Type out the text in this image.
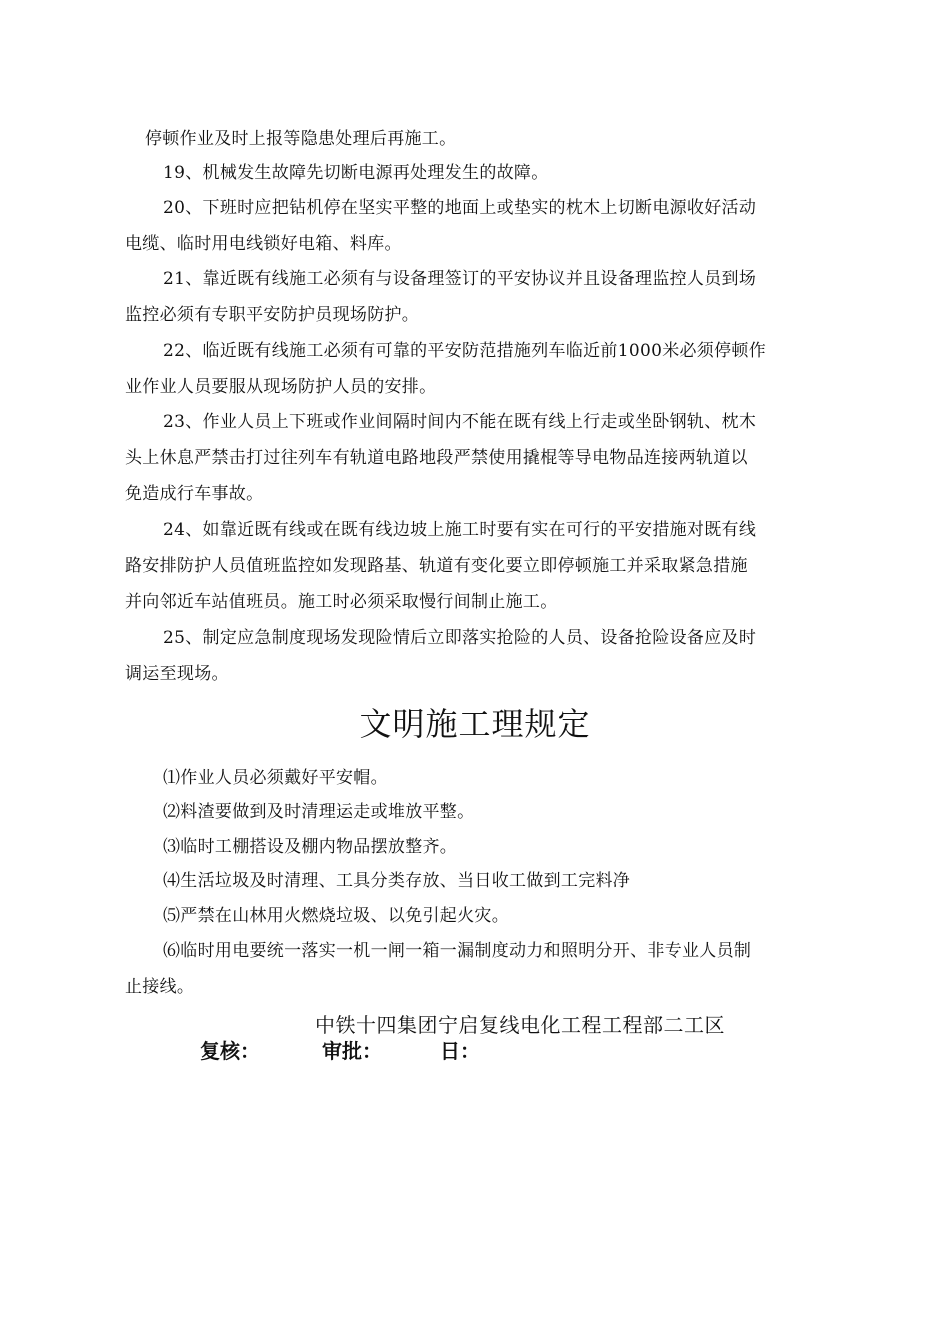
停顿作业及时上报等隐患处理后再施工。
19、机械发生故障先切断电源再处理发生的故障。
20、下班时应把钻机停在坚实平整的地面上或垫实的枕木上切断电源收好活动
电缆、临时用电线锁好电箱、料库。
21、靠近既有线施工必须有与设备理签订的平安协议并且设备理监控人员到场
监控必须有专职平安防护员现场防护。
22、临近既有线施工必须有可靠的平安防范措施列车临近前1000米必须停顿作
业作业人员要服从现场防护人员的安排。
23、作业人员上下班或作业间隔时间内不能在既有线上行走或坐卧钢轨、枕木
头上休息严禁击打过往列车有轨道电路地段严禁使用撬棍等导电物品连接两轨道以
免造成行车事故。
24、如靠近既有线或在既有线边坡上施工时要有实在可行的平安措施对既有线
路安排防护人员值班监控如发现路基、轨道有变化要立即停顿施工并采取紧急措施
并向邻近车站值班员。施工时必须采取慢行间制止施工。
25、制定应急制度现场发现险情后立即落实抢险的人员、设备抢险设备应及时
调运至现场。
文明施工理规定
⑴作业人员必须戴好平安帽。
⑵料渣要做到及时清理运走或堆放平整。
⑶临时工棚搭设及棚内物品摆放整齐。
⑷生活垃圾及时清理、工具分类存放、当日收工做到工完料净
⑸严禁在山林用火燃烧垃圾、以免引起火灾。
⑹临时用电要统一落实一机一闸一箱一漏制度动力和照明分开、非专业人员制
止接线。
中铁十四集团宁启复线电化工程工程部二工区
复核：	审批：	日：
